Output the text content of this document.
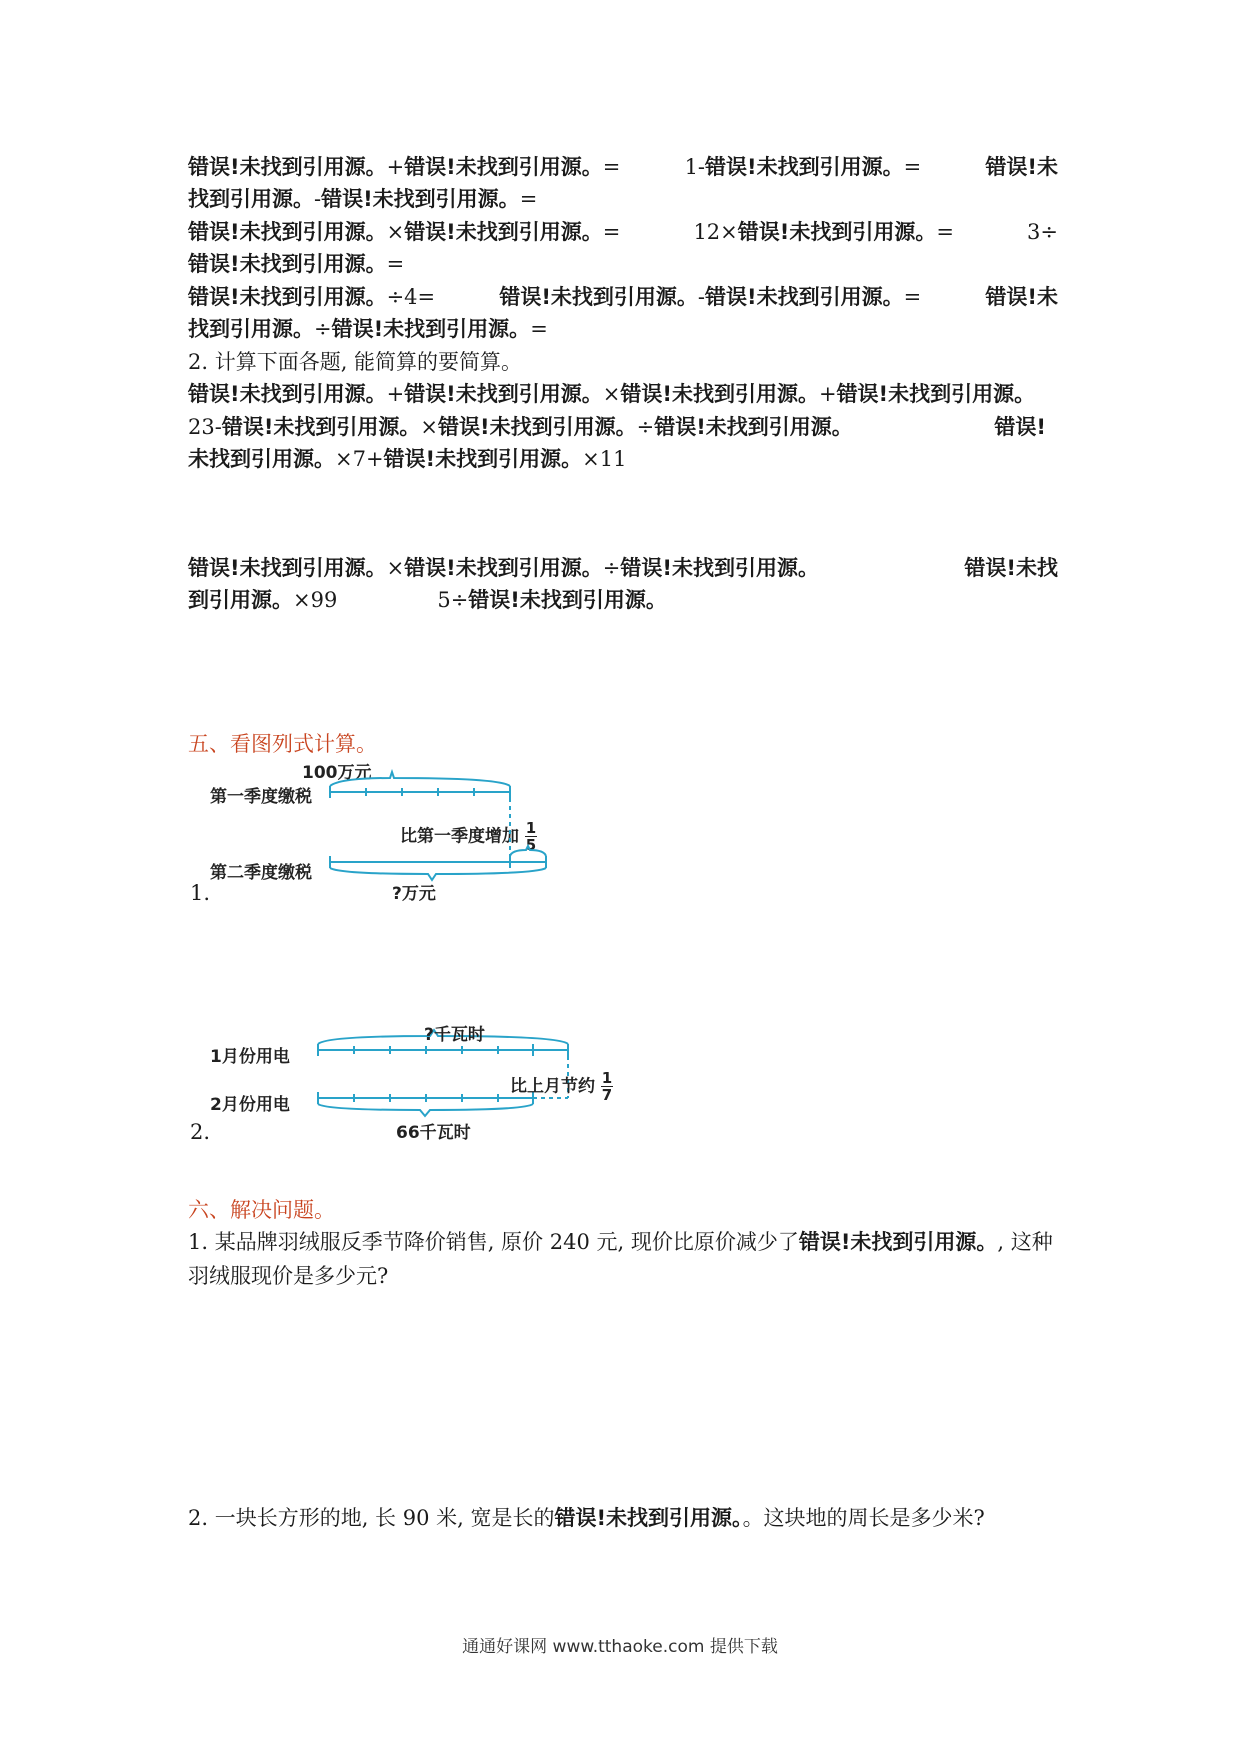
错误!未找到引用源。+错误!未找到引用源。=	1-错误!未找到引用源。=	错误!未
找到引用源。-错误!未找到引用源。=
错误!未找到引用源。×错误!未找到引用源。=	12×错误!未找到引用源。=	3÷
错误!未找到引用源。=
错误!未找到引用源。÷4=	错误!未找到引用源。-错误!未找到引用源。=	错误!未
找到引用源。÷错误!未找到引用源。=
2. 计算下面各题, 能简算的要简算。
错误!未找到引用源。+错误!未找到引用源。×错误!未找到引用源。+错误!未找到引用源。
23-错误!未找到引用源。×错误!未找到引用源。÷错误!未找到引用源。	错误!
未找到引用源。×7+错误!未找到引用源。×11
错误!未找到引用源。×错误!未找到引用源。÷错误!未找到引用源。	错误!未找
到引用源。×99	5÷错误!未找到引用源。
五、看图列式计算。
100万元
第一季度缴税
比第一季度增加 $\frac{1}{5}$
第二季度缴税
1.	?万元
?千瓦时
1月份用电
比上月节约 $\frac{1}{7}$
2月份用电
2.	66千瓦时
六、解决问题。
1. 某品牌羽绒服反季节降价销售, 原价 240 元, 现价比原价减少了错误!未找到引用源。, 这种
羽绒服现价是多少元?
2. 一块长方形的地, 长 90 米, 宽是长的错误!未找到引用源。。这块地的周长是多少米?
通通好课网 www.tthaoke.com 提供下载
